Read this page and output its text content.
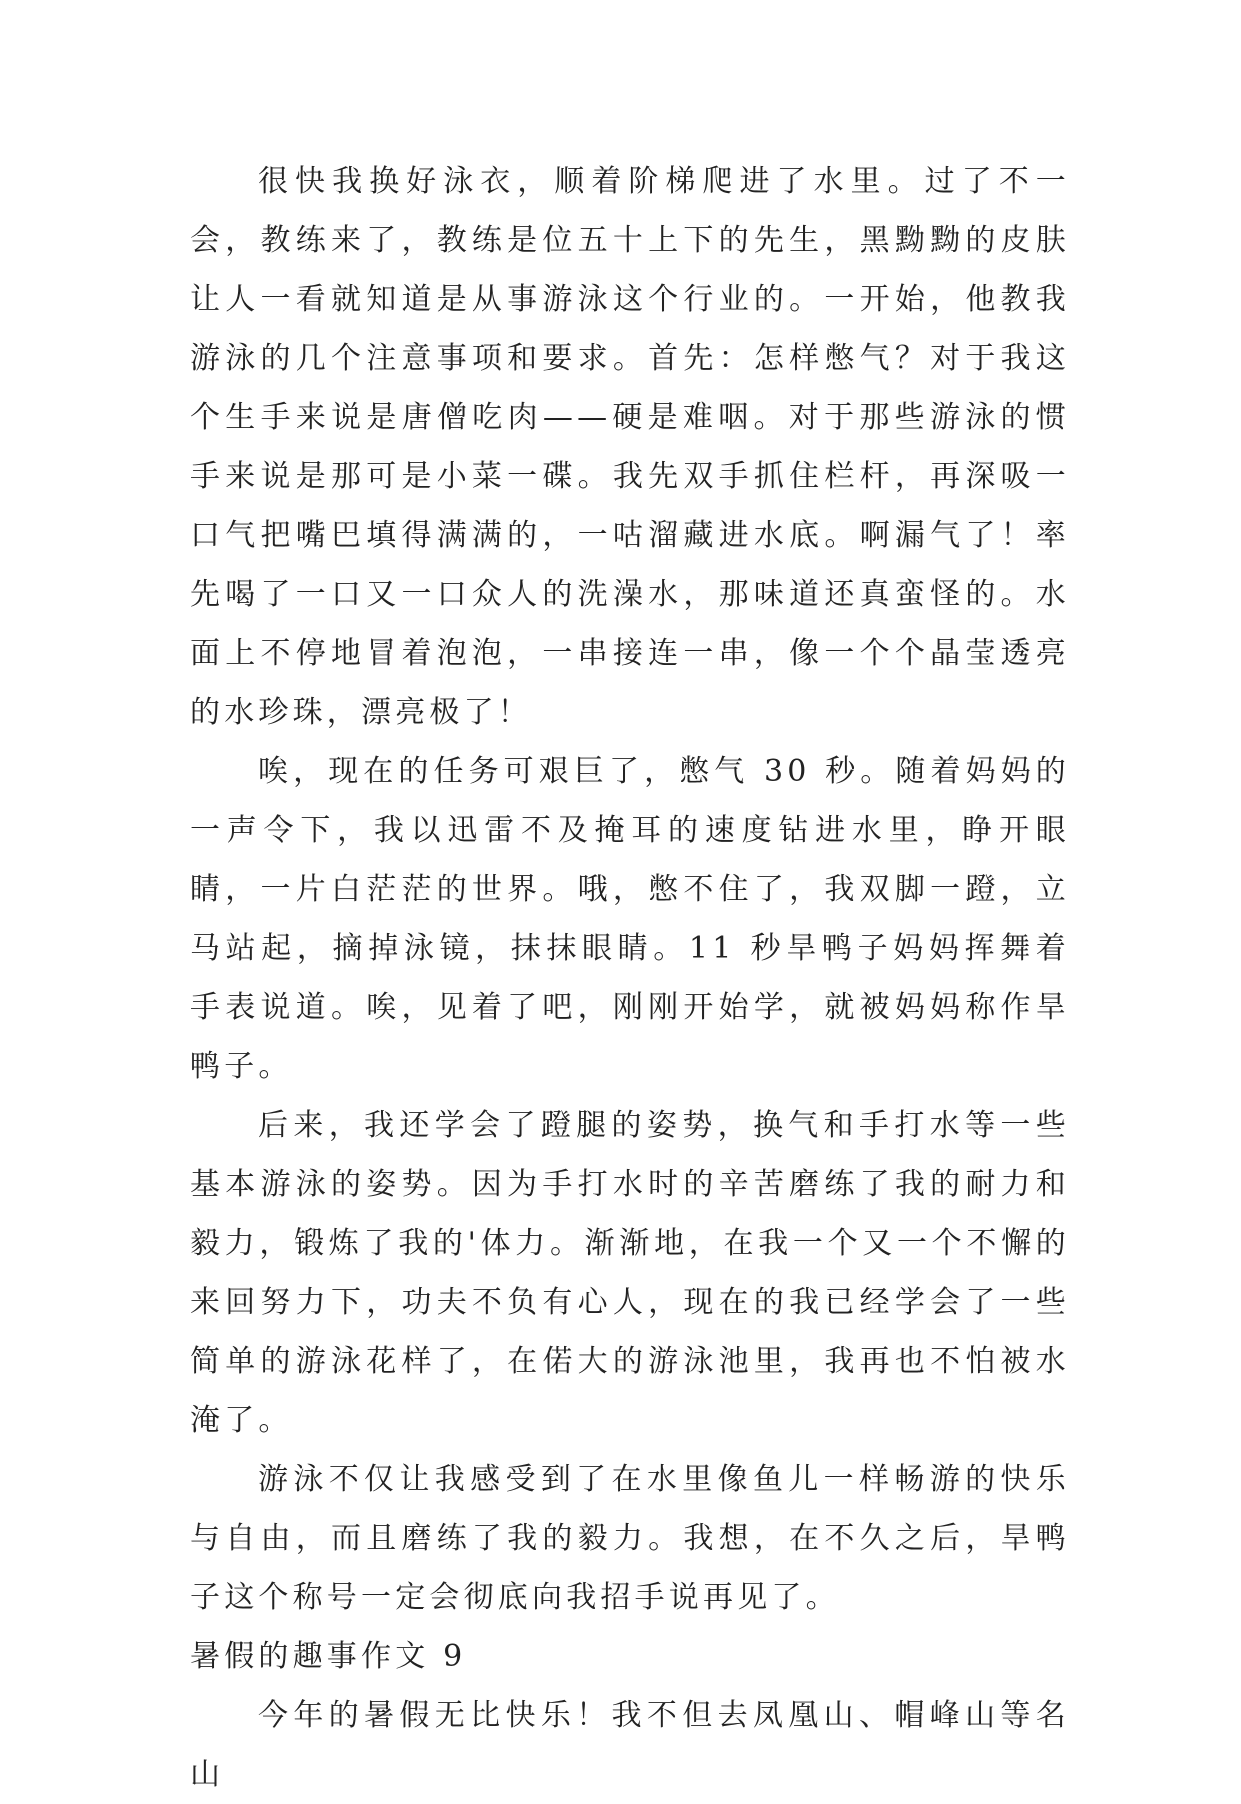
很快我换好泳衣，顺着阶梯爬进了水里。过了不一会，教练来了，教练是位五十上下的先生，黑黝黝的皮肤让人一看就知道是从事游泳这个行业的。一开始，他教我游泳的几个注意事项和要求。首先：怎样憋气？对于我这个生手来说是唐僧吃肉——硬是难咽。对于那些游泳的惯手来说是那可是小菜一碟。我先双手抓住栏杆，再深吸一口气把嘴巴填得满满的，一咕溜藏进水底。啊漏气了！率先喝了一口又一口众人的洗澡水，那味道还真蛮怪的。水面上不停地冒着泡泡，一串接连一串，像一个个晶莹透亮的水珍珠，漂亮极了！

唉，现在的任务可艰巨了，憋气 30 秒。随着妈妈的一声令下，我以迅雷不及掩耳的速度钻进水里，睁开眼睛，一片白茫茫的世界。哦，憋不住了，我双脚一蹬，立马站起，摘掉泳镜，抹抹眼睛。11 秒旱鸭子妈妈挥舞着手表说道。唉，见着了吧，刚刚开始学，就被妈妈称作旱鸭子。

后来，我还学会了蹬腿的姿势，换气和手打水等一些基本游泳的姿势。因为手打水时的辛苦磨练了我的耐力和毅力，锻炼了我的'体力。渐渐地，在我一个又一个不懈的来回努力下，功夫不负有心人，现在的我已经学会了一些简单的游泳花样了，在偌大的游泳池里，我再也不怕被水淹了。

游泳不仅让我感受到了在水里像鱼儿一样畅游的快乐与自由，而且磨练了我的毅力。我想，在不久之后，旱鸭子这个称号一定会彻底向我招手说再见了。

暑假的趣事作文 9

今年的暑假无比快乐！我不但去凤凰山、帽峰山等名山
